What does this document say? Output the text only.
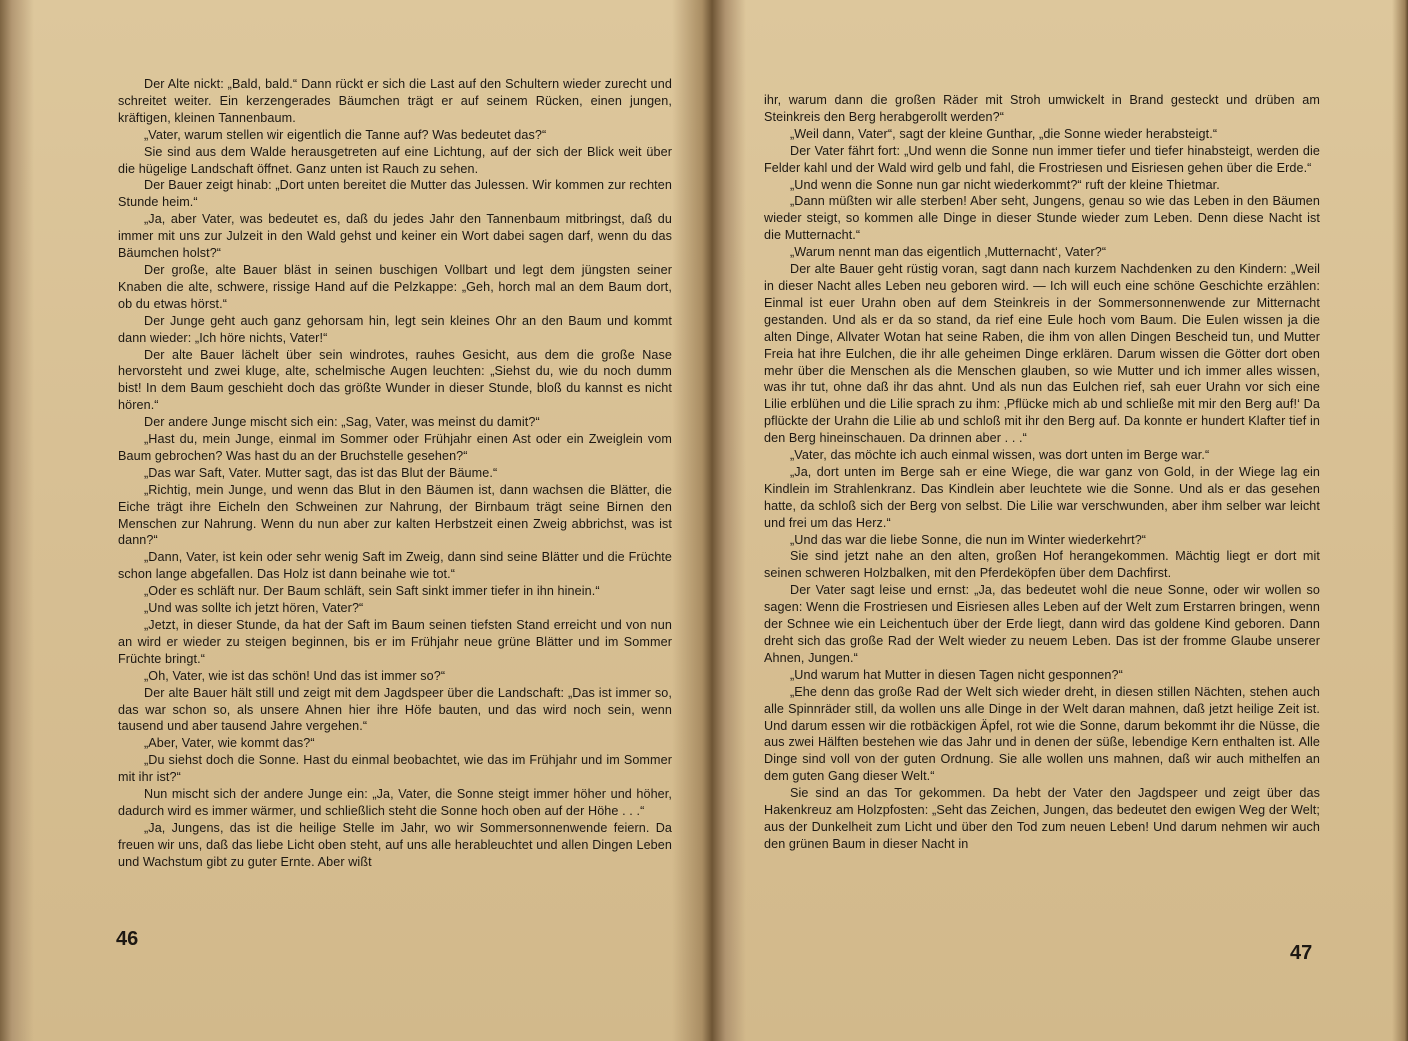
Der Alte nickt: „Bald, bald.“ Dann rückt er sich die Last auf den Schultern wieder zurecht und schreitet weiter. Ein kerzengerades Bäumchen trägt er auf seinem Rücken, einen jungen, kräftigen, kleinen Tannenbaum.

„Vater, warum stellen wir eigentlich die Tanne auf? Was bedeutet das?“

Sie sind aus dem Walde herausgetreten auf eine Lichtung, auf der sich der Blick weit über die hügelige Landschaft öffnet. Ganz unten ist Rauch zu sehen.

Der Bauer zeigt hinab: „Dort unten bereitet die Mutter das Julessen. Wir kommen zur rechten Stunde heim.“

„Ja, aber Vater, was bedeutet es, daß du jedes Jahr den Tannenbaum mitbringst, daß du immer mit uns zur Julzeit in den Wald gehst und keiner ein Wort dabei sagen darf, wenn du das Bäumchen holst?“

Der große, alte Bauer bläst in seinen buschigen Vollbart und legt dem jüngsten seiner Knaben die alte, schwere, rissige Hand auf die Pelzkappe: „Geh, horch mal an dem Baum dort, ob du etwas hörst.“

Der Junge geht auch ganz gehorsam hin, legt sein kleines Ohr an den Baum und kommt dann wieder: „Ich höre nichts, Vater!“

Der alte Bauer lächelt über sein windrotes, rauhes Gesicht, aus dem die große Nase hervorsteht und zwei kluge, alte, schelmische Augen leuchten: „Siehst du, wie du noch dumm bist! In dem Baum geschieht doch das größte Wunder in dieser Stunde, bloß du kannst es nicht hören.“

Der andere Junge mischt sich ein: „Sag, Vater, was meinst du damit?“

„Hast du, mein Junge, einmal im Sommer oder Frühjahr einen Ast oder ein Zweiglein vom Baum gebrochen? Was hast du an der Bruchstelle gesehen?“

„Das war Saft, Vater. Mutter sagt, das ist das Blut der Bäume.“

„Richtig, mein Junge, und wenn das Blut in den Bäumen ist, dann wachsen die Blätter, die Eiche trägt ihre Eicheln den Schweinen zur Nahrung, der Birnbaum trägt seine Birnen den Menschen zur Nahrung. Wenn du nun aber zur kalten Herbstzeit einen Zweig abbrichst, was ist dann?“

„Dann, Vater, ist kein oder sehr wenig Saft im Zweig, dann sind seine Blätter und die Früchte schon lange abgefallen. Das Holz ist dann beinahe wie tot.“

„Oder es schläft nur. Der Baum schläft, sein Saft sinkt immer tiefer in ihn hinein.“

„Und was sollte ich jetzt hören, Vater?“

„Jetzt, in dieser Stunde, da hat der Saft im Baum seinen tiefsten Stand erreicht und von nun an wird er wieder zu steigen beginnen, bis er im Frühjahr neue grüne Blätter und im Sommer Früchte bringt.“

„Oh, Vater, wie ist das schön! Und das ist immer so?“

Der alte Bauer hält still und zeigt mit dem Jagdspeer über die Landschaft: „Das ist immer so, das war schon so, als unsere Ahnen hier ihre Höfe bauten, und das wird noch sein, wenn tausend und aber tausend Jahre vergehen.“

„Aber, Vater, wie kommt das?“

„Du siehst doch die Sonne. Hast du einmal beobachtet, wie das im Frühjahr und im Sommer mit ihr ist?“

Nun mischt sich der andere Junge ein: „Ja, Vater, die Sonne steigt immer höher und höher, dadurch wird es immer wärmer, und schließlich steht die Sonne hoch oben auf der Höhe . . .“

„Ja, Jungens, das ist die heilige Stelle im Jahr, wo wir Sommersonnenwende feiern. Da freuen wir uns, daß das liebe Licht oben steht, auf uns alle herableuchtet und allen Dingen Leben und Wachstum gibt zu guter Ernte. Aber wißt

46

ihr, warum dann die großen Räder mit Stroh umwickelt in Brand gesteckt und drüben am Steinkreis den Berg herabgerollt werden?“

„Weil dann, Vater“, sagt der kleine Gunthar, „die Sonne wieder herabsteigt.“

Der Vater fährt fort: „Und wenn die Sonne nun immer tiefer und tiefer hinabsteigt, werden die Felder kahl und der Wald wird gelb und fahl, die Frostriesen und Eisriesen gehen über die Erde.“

„Und wenn die Sonne nun gar nicht wiederkommt?“ ruft der kleine Thietmar.

„Dann müßten wir alle sterben! Aber seht, Jungens, genau so wie das Leben in den Bäumen wieder steigt, so kommen alle Dinge in dieser Stunde wieder zum Leben. Denn diese Nacht ist die Mutternacht.“

„Warum nennt man das eigentlich ‚Mutternacht‘, Vater?“

Der alte Bauer geht rüstig voran, sagt dann nach kurzem Nachdenken zu den Kindern: „Weil in dieser Nacht alles Leben neu geboren wird. — Ich will euch eine schöne Geschichte erzählen: Einmal ist euer Urahn oben auf dem Steinkreis in der Sommersonnenwende zur Mitternacht gestanden. Und als er da so stand, da rief eine Eule hoch vom Baum. Die Eulen wissen ja die alten Dinge, Allvater Wotan hat seine Raben, die ihm von allen Dingen Bescheid tun, und Mutter Freia hat ihre Eulchen, die ihr alle geheimen Dinge erklären. Darum wissen die Götter dort oben mehr über die Menschen als die Menschen glauben, so wie Mutter und ich immer alles wissen, was ihr tut, ohne daß ihr das ahnt. Und als nun das Eulchen rief, sah euer Urahn vor sich eine Lilie erblühen und die Lilie sprach zu ihm: ‚Pflücke mich ab und schließe mit mir den Berg auf!‘ Da pflückte der Urahn die Lilie ab und schloß mit ihr den Berg auf. Da konnte er hundert Klafter tief in den Berg hineinschauen. Da drinnen aber . . .“

„Vater, das möchte ich auch einmal wissen, was dort unten im Berge war.“

„Ja, dort unten im Berge sah er eine Wiege, die war ganz von Gold, in der Wiege lag ein Kindlein im Strahlenkranz. Das Kindlein aber leuchtete wie die Sonne. Und als er das gesehen hatte, da schloß sich der Berg von selbst. Die Lilie war verschwunden, aber ihm selber war leicht und frei um das Herz.“

„Und das war die liebe Sonne, die nun im Winter wiederkehrt?“

Sie sind jetzt nahe an den alten, großen Hof herangekommen. Mächtig liegt er dort mit seinen schweren Holzbalken, mit den Pferdeköpfen über dem Dachfirst.

Der Vater sagt leise und ernst: „Ja, das bedeutet wohl die neue Sonne, oder wir wollen so sagen: Wenn die Frostriesen und Eisriesen alles Leben auf der Welt zum Erstarren bringen, wenn der Schnee wie ein Leichentuch über der Erde liegt, dann wird das goldene Kind geboren. Dann dreht sich das große Rad der Welt wieder zu neuem Leben. Das ist der fromme Glaube unserer Ahnen, Jungen.“

„Und warum hat Mutter in diesen Tagen nicht gesponnen?“

„Ehe denn das große Rad der Welt sich wieder dreht, in diesen stillen Nächten, stehen auch alle Spinnräder still, da wollen uns alle Dinge in der Welt daran mahnen, daß jetzt heilige Zeit ist. Und darum essen wir die rotbäckigen Äpfel, rot wie die Sonne, darum bekommt ihr die Nüsse, die aus zwei Hälften bestehen wie das Jahr und in denen der süße, lebendige Kern enthalten ist. Alle Dinge sind voll von der guten Ordnung. Sie alle wollen uns mahnen, daß wir auch mithelfen an dem guten Gang dieser Welt.“

Sie sind an das Tor gekommen. Da hebt der Vater den Jagdspeer und zeigt über das Hakenkreuz am Holzpfosten: „Seht das Zeichen, Jungen, das bedeutet den ewigen Weg der Welt; aus der Dunkelheit zum Licht und über den Tod zum neuen Leben! Und darum nehmen wir auch den grünen Baum in dieser Nacht in

47
